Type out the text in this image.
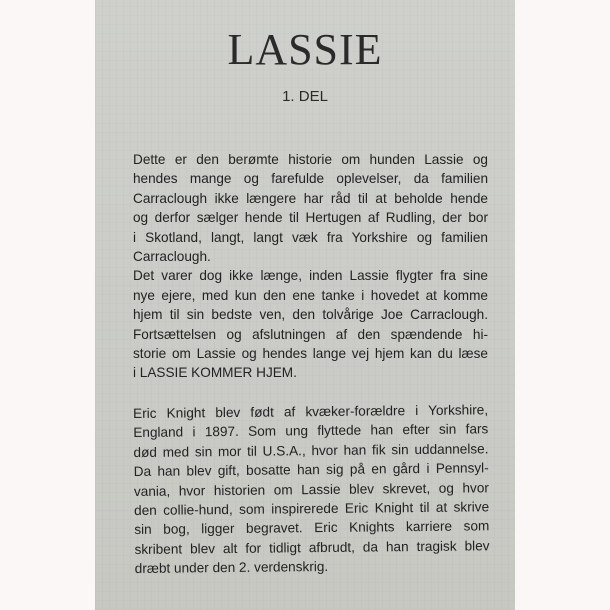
LASSIE
1. DEL
Dette er den berømte historie om hunden Lassie og
hendes mange og farefulde oplevelser, da familien
Carraclough ikke længere har råd til at beholde hende
og derfor sælger hende til Hertugen af Rudling, der bor
i Skotland, langt, langt væk fra Yorkshire og familien
Carraclough.
Det varer dog ikke længe, inden Lassie flygter fra sine
nye ejere, med kun den ene tanke i hovedet at komme
hjem til sin bedste ven, den tolvårige Joe Carraclough.
Fortsættelsen og afslutningen af den spændende hi-
storie om Lassie og hendes lange vej hjem kan du læse
i LASSIE KOMMER HJEM.
Eric Knight blev født af kvæker-forældre i Yorkshire,
England i 1897. Som ung flyttede han efter sin fars
død med sin mor til U.S.A., hvor han fik sin uddannelse.
Da han blev gift, bosatte han sig på en gård i Pennsyl-
vania, hvor historien om Lassie blev skrevet, og hvor
den collie-hund, som inspirerede Eric Knight til at skrive
sin bog, ligger begravet. Eric Knights karriere som
skribent blev alt for tidligt afbrudt, da han tragisk blev
dræbt under den 2. verdenskrig.
